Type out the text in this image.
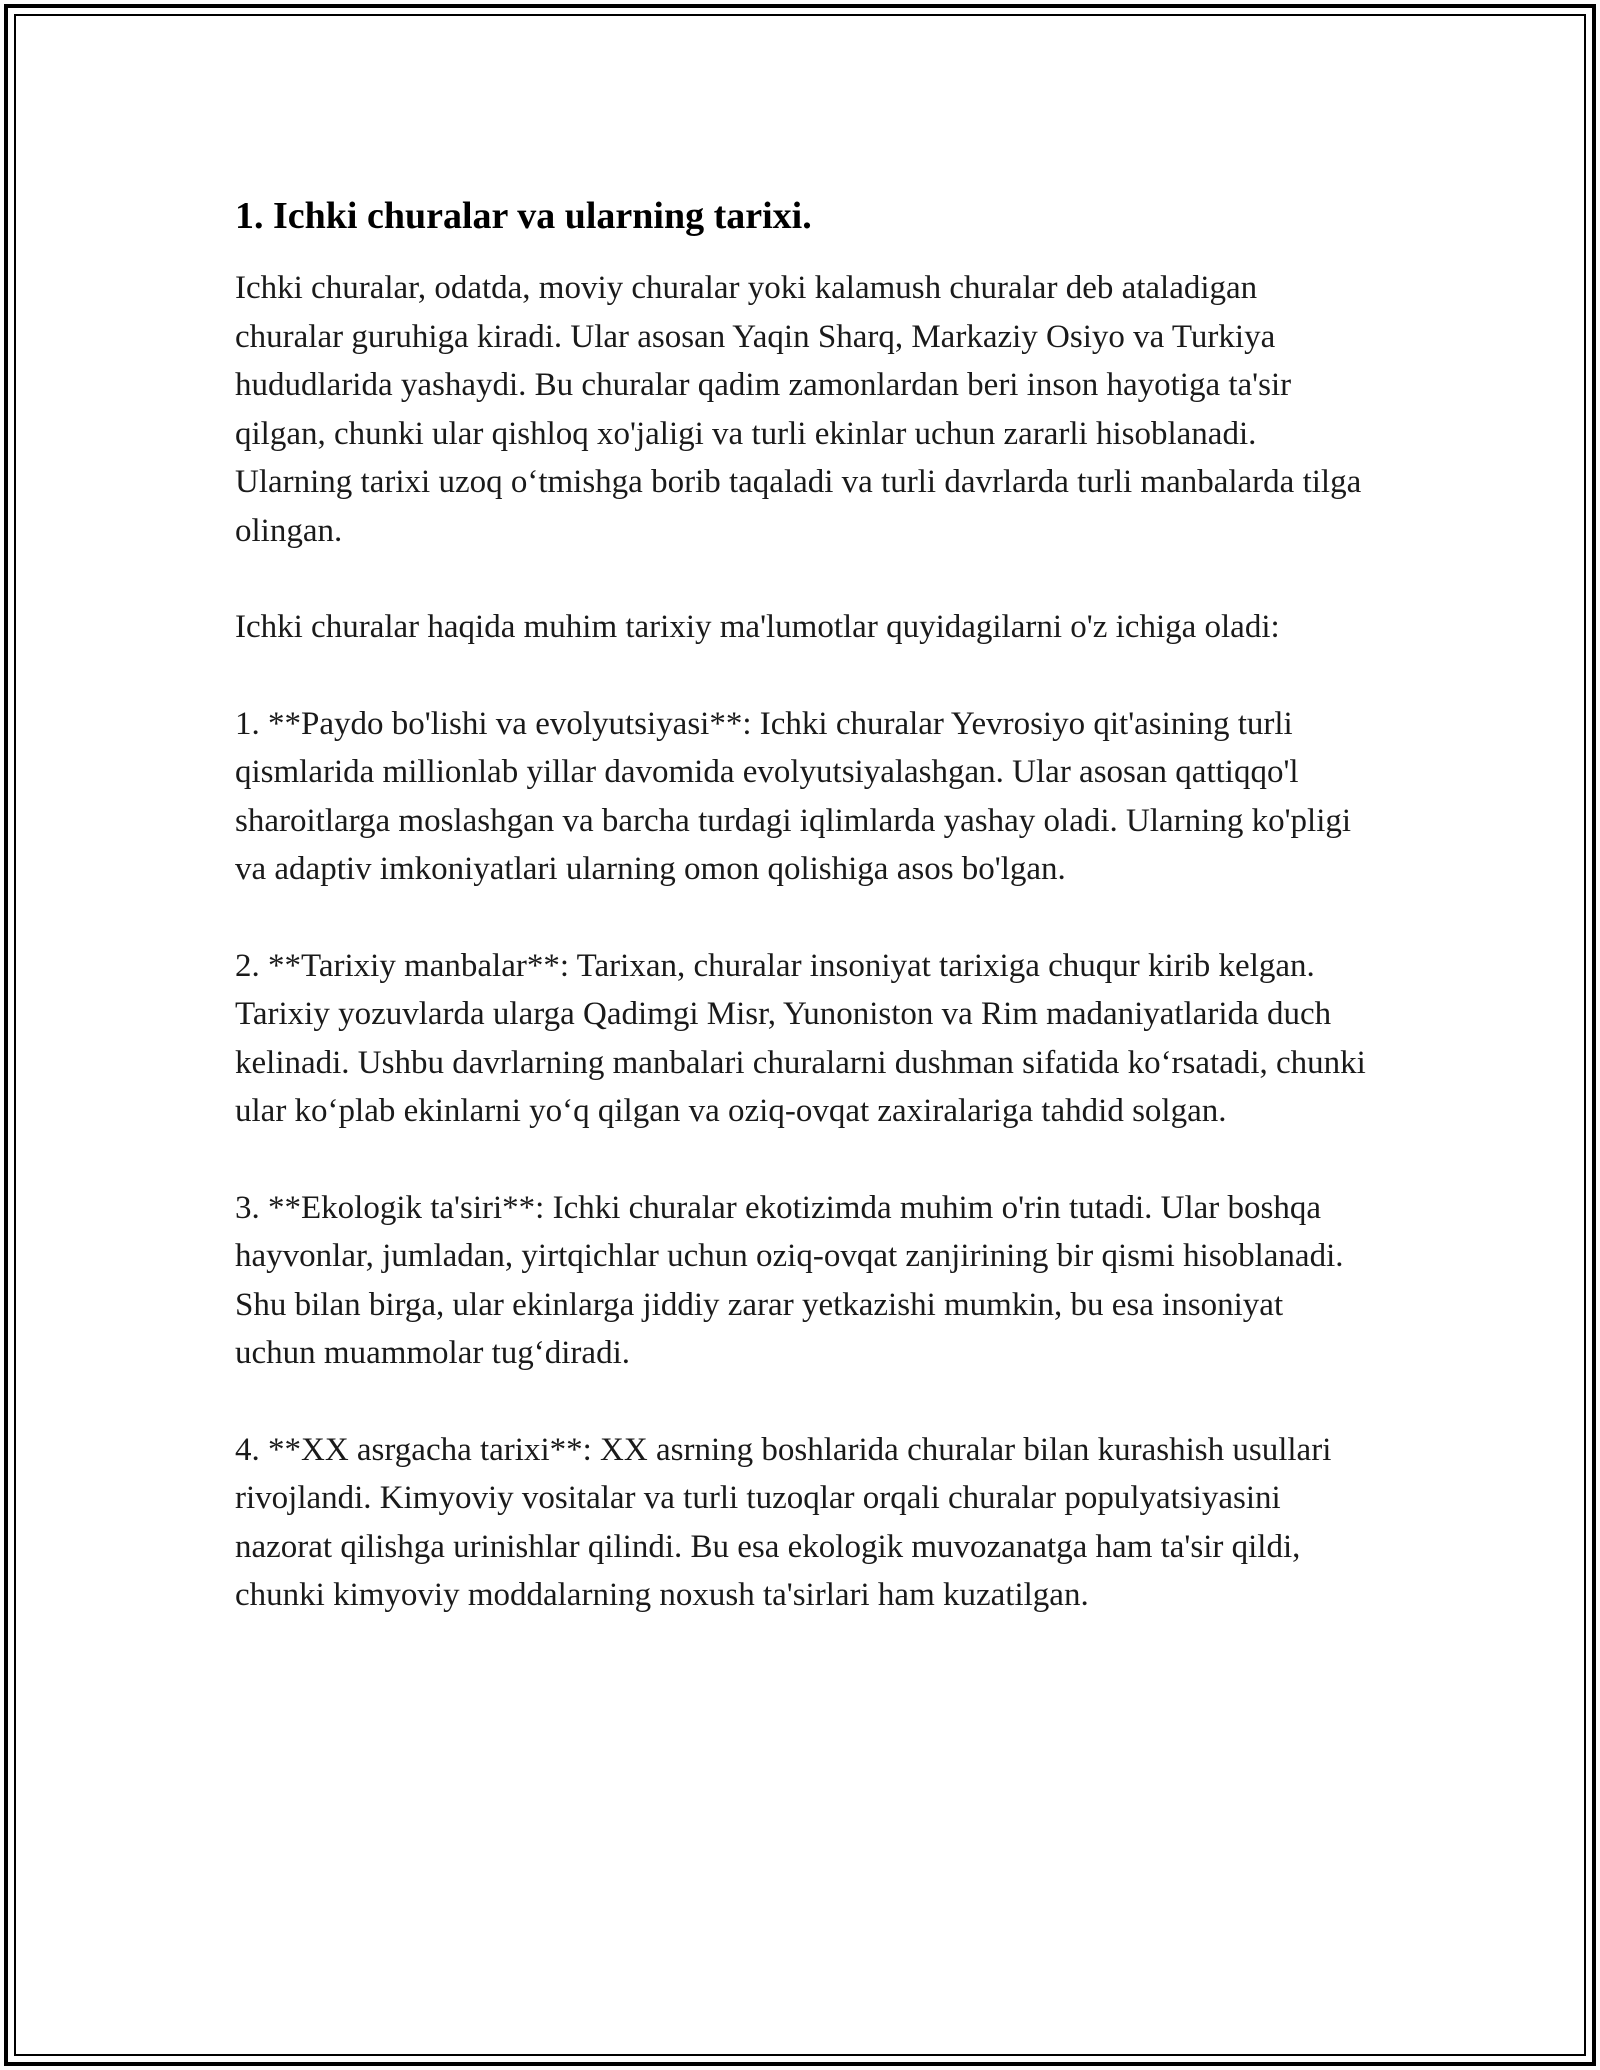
1. Ichki churalar va ularning tarixi.

Ichki churalar, odatda, moviy churalar yoki kalamush churalar deb ataladigan churalar guruhiga kiradi. Ular asosan Yaqin Sharq, Markaziy Osiyo va Turkiya hududlarida yashaydi. Bu churalar qadim zamonlardan beri inson hayotiga ta'sir qilgan, chunki ular qishloq xo'jaligi va turli ekinlar uchun zararli hisoblanadi. Ularning tarixi uzoq o‘tmishga borib taqaladi va turli davrlarda turli manbalarda tilga olingan.

Ichki churalar haqida muhim tarixiy ma'lumotlar quyidagilarni o'z ichiga oladi:

1. **Paydo bo'lishi va evolyutsiyasi**: Ichki churalar Yevrosiyo qit'asining turli qismlarida millionlab yillar davomida evolyutsiyalashgan. Ular asosan qattiqqo'l sharoitlarga moslashgan va barcha turdagi iqlimlarda yashay oladi. Ularning ko'pligi va adaptiv imkoniyatlari ularning omon qolishiga asos bo'lgan.

2. **Tarixiy manbalar**: Tarixan, churalar insoniyat tarixiga chuqur kirib kelgan. Tarixiy yozuvlarda ularga Qadimgi Misr, Yunoniston va Rim madaniyatlarida duch kelinadi. Ushbu davrlarning manbalari churalarni dushman sifatida ko‘rsatadi, chunki ular ko‘plab ekinlarni yo‘q qilgan va oziq-ovqat zaxiralariga tahdid solgan.

3. **Ekologik ta'siri**: Ichki churalar ekotizimda muhim o'rin tutadi. Ular boshqa hayvonlar, jumladan, yirtqichlar uchun oziq-ovqat zanjirining bir qismi hisoblanadi. Shu bilan birga, ular ekinlarga jiddiy zarar yetkazishi mumkin, bu esa insoniyat uchun muammolar tug‘diradi.

4. **XX asrgacha tarixi**: XX asrning boshlarida churalar bilan kurashish usullari rivojlandi. Kimyoviy vositalar va turli tuzoqlar orqali churalar populyatsiyasini nazorat qilishga urinishlar qilindi. Bu esa ekologik muvozanatga ham ta'sir qildi, chunki kimyoviy moddalarning noxush ta'sirlari ham kuzatilgan.
